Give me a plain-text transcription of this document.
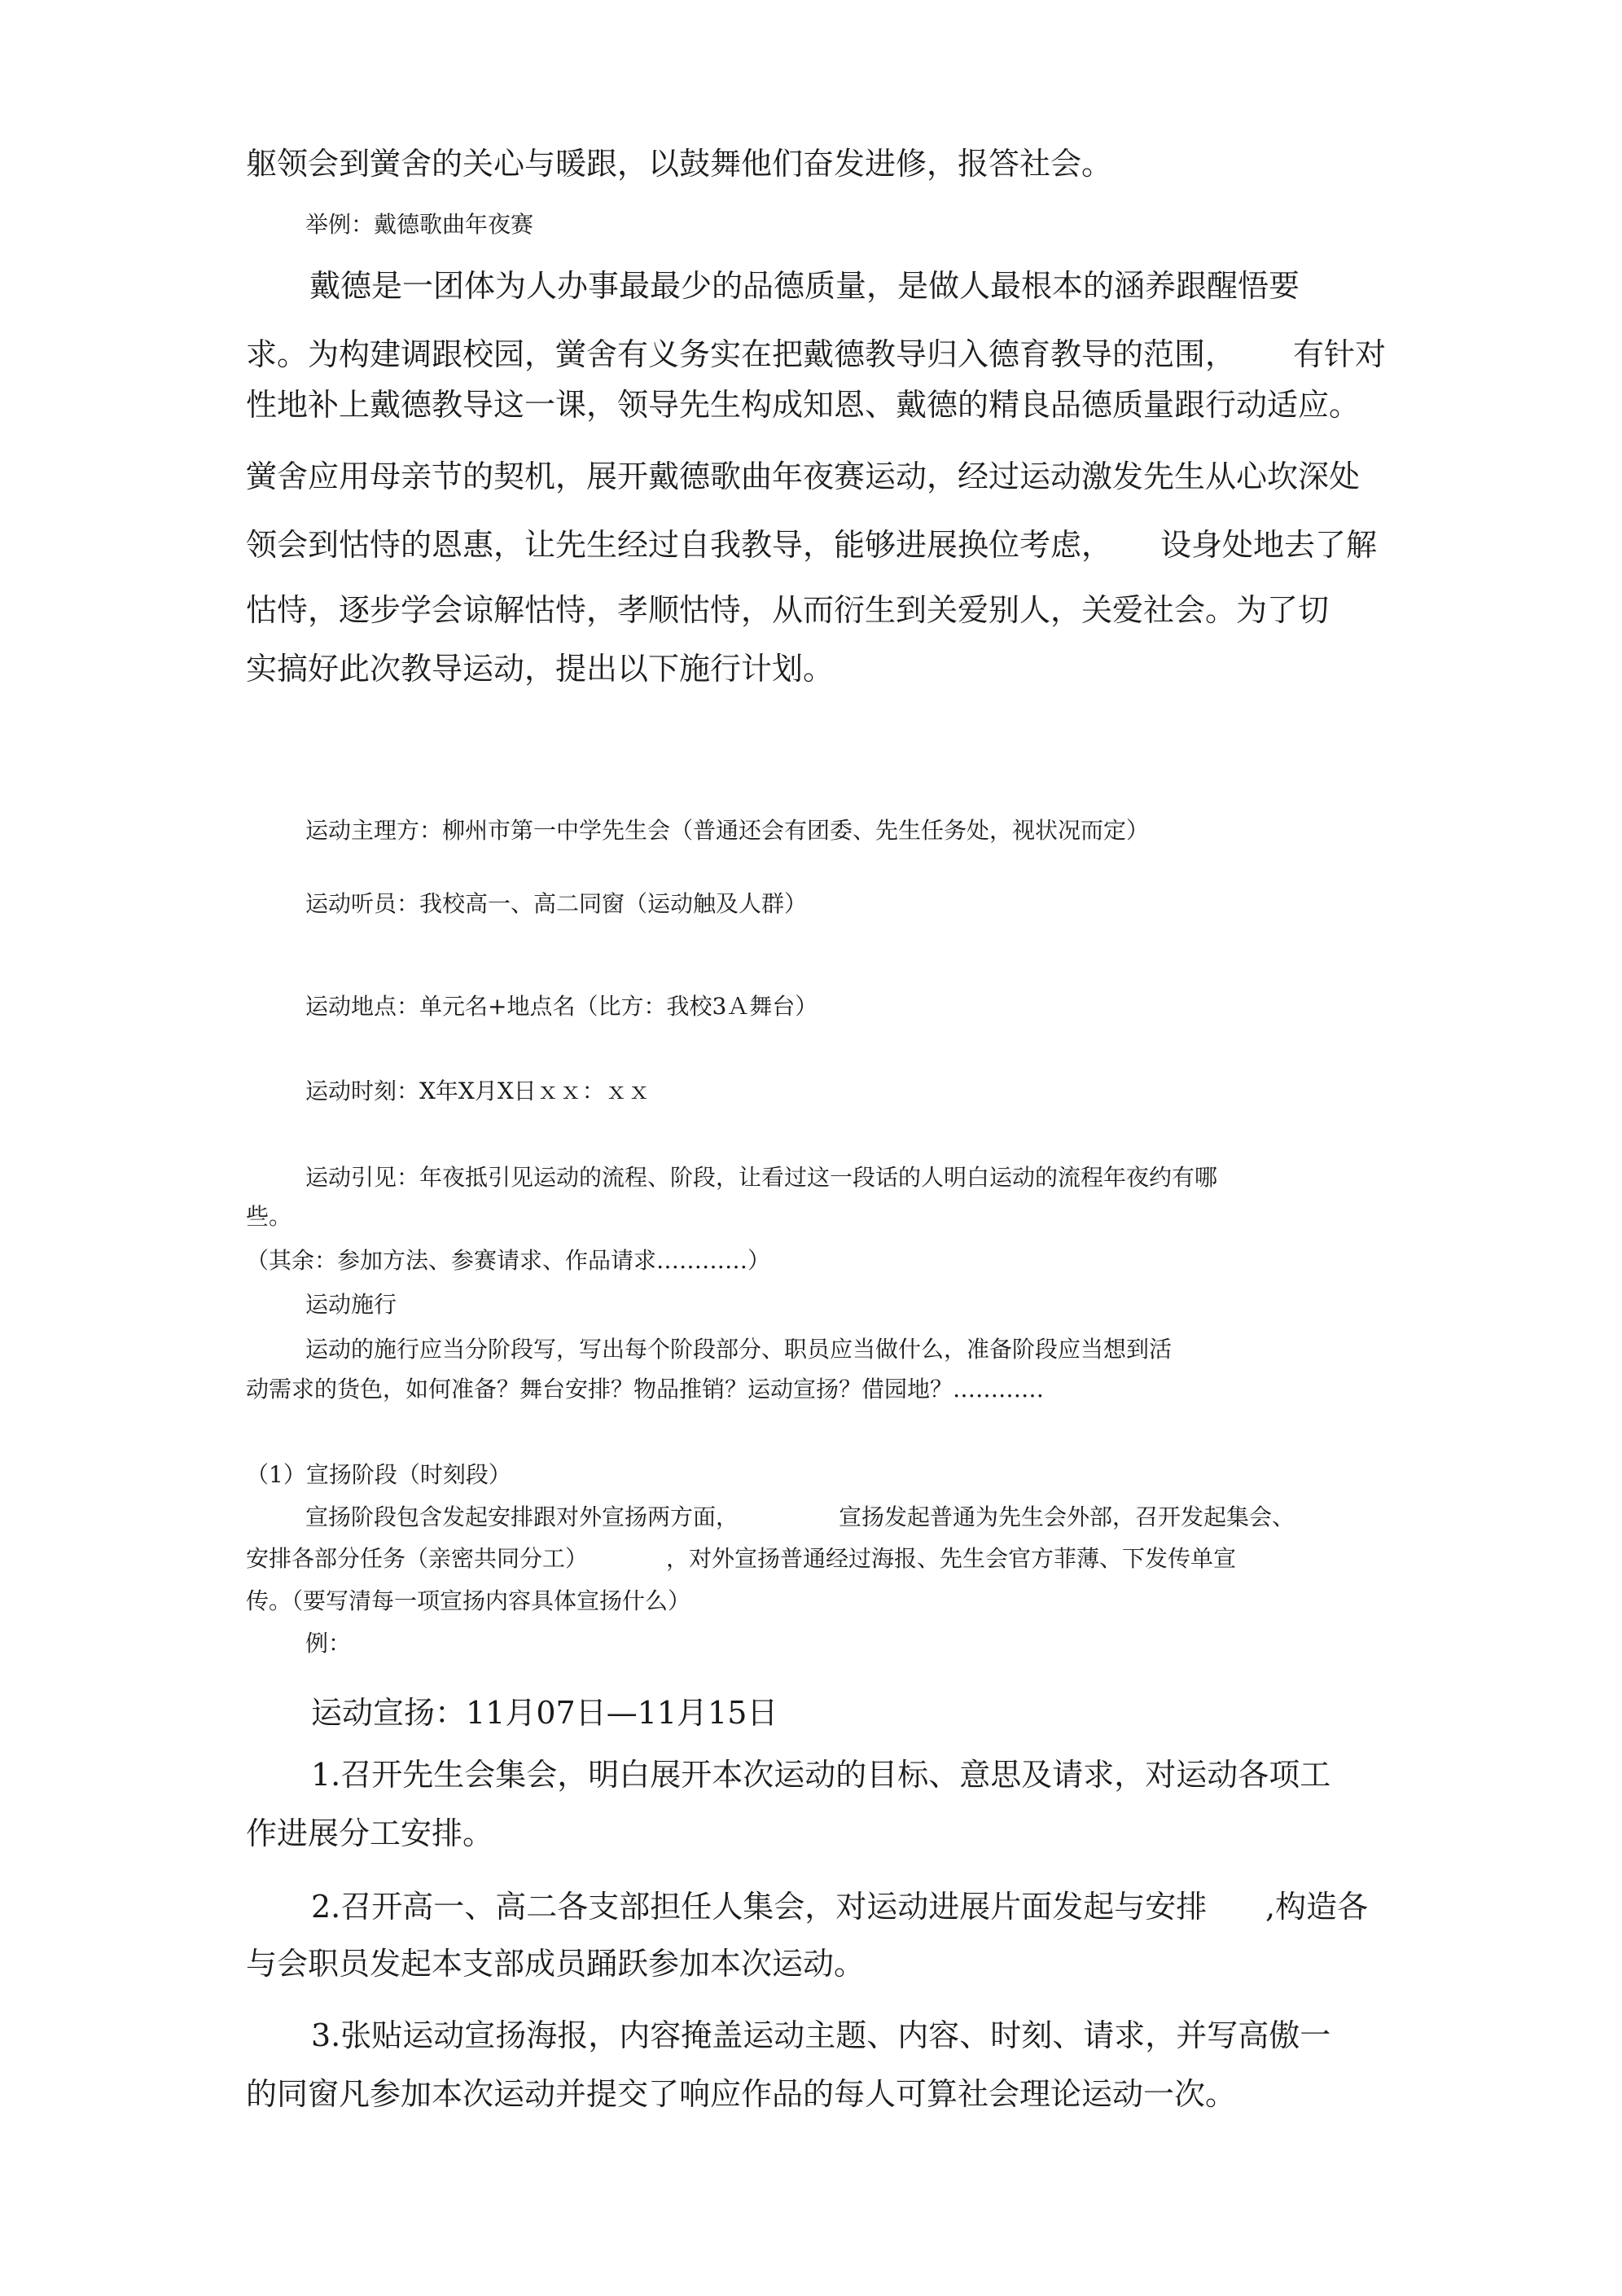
躯领会到黉舍的关心与暖跟，以鼓舞他们奋发进修，报答社会。
举例：戴德歌曲年夜赛
戴德是一团体为人办事最最少的品德质量，是做人最根本的涵养跟醒悟要
求。为构建调跟校园，黉舍有义务实在把戴德教导归入德育教导的范围， 有针对
性地补上戴德教导这一课，领导先生构成知恩、戴德的精良品德质量跟行动适应。
黉舍应用母亲节的契机，展开戴德歌曲年夜赛运动，经过运动激发先生从心坎深处
领会到怙恃的恩惠，让先生经过自我教导，能够进展换位考虑， 设身处地去了解
怙恃，逐步学会谅解怙恃，孝顺怙恃，从而衍生到关爱别人，关爱社会。为了切
实搞好此次教导运动，提出以下施行计划。
运动主理方：柳州市第一中学先生会（普通还会有团委、先生任务处，视状况而定）
运动听员：我校高一、高二同窗（运动触及人群）
运动地点：单元名+地点名（比方：我校3Ａ舞台）
运动时刻：X年X月X日ｘｘ：ｘｘ
运动引见：年夜抵引见运动的流程、阶段，让看过这一段话的人明白运动的流程年夜约有哪
些。
（其余：参加方法、参赛请求、作品请求…………）
运动施行
运动的施行应当分阶段写，写出每个阶段部分、职员应当做什么，准备阶段应当想到活
动需求的货色，如何准备？舞台安排？物品推销？运动宣扬？借园地？…………
（1）宣扬阶段（时刻段）
宣扬阶段包含发起安排跟对外宣扬两方面，	宣扬发起普通为先生会外部，召开发起集会、
安排各部分任务（亲密共同分工）	，对外宣扬普通经过海报、先生会官方菲薄、下发传单宣
传。（要写清每一项宣扬内容具体宣扬什么）
例：
运动宣扬：11月07日—11月15日
1.召开先生会集会，明白展开本次运动的目标、意思及请求，对运动各项工
作进展分工安排。
2.召开高一、高二各支部担任人集会，对运动进展片面发起与安排 ,构造各
与会职员发起本支部成员踊跃参加本次运动。
3.张贴运动宣扬海报，内容掩盖运动主题、内容、时刻、请求，并写高傲一
的同窗凡参加本次运动并提交了响应作品的每人可算社会理论运动一次。
